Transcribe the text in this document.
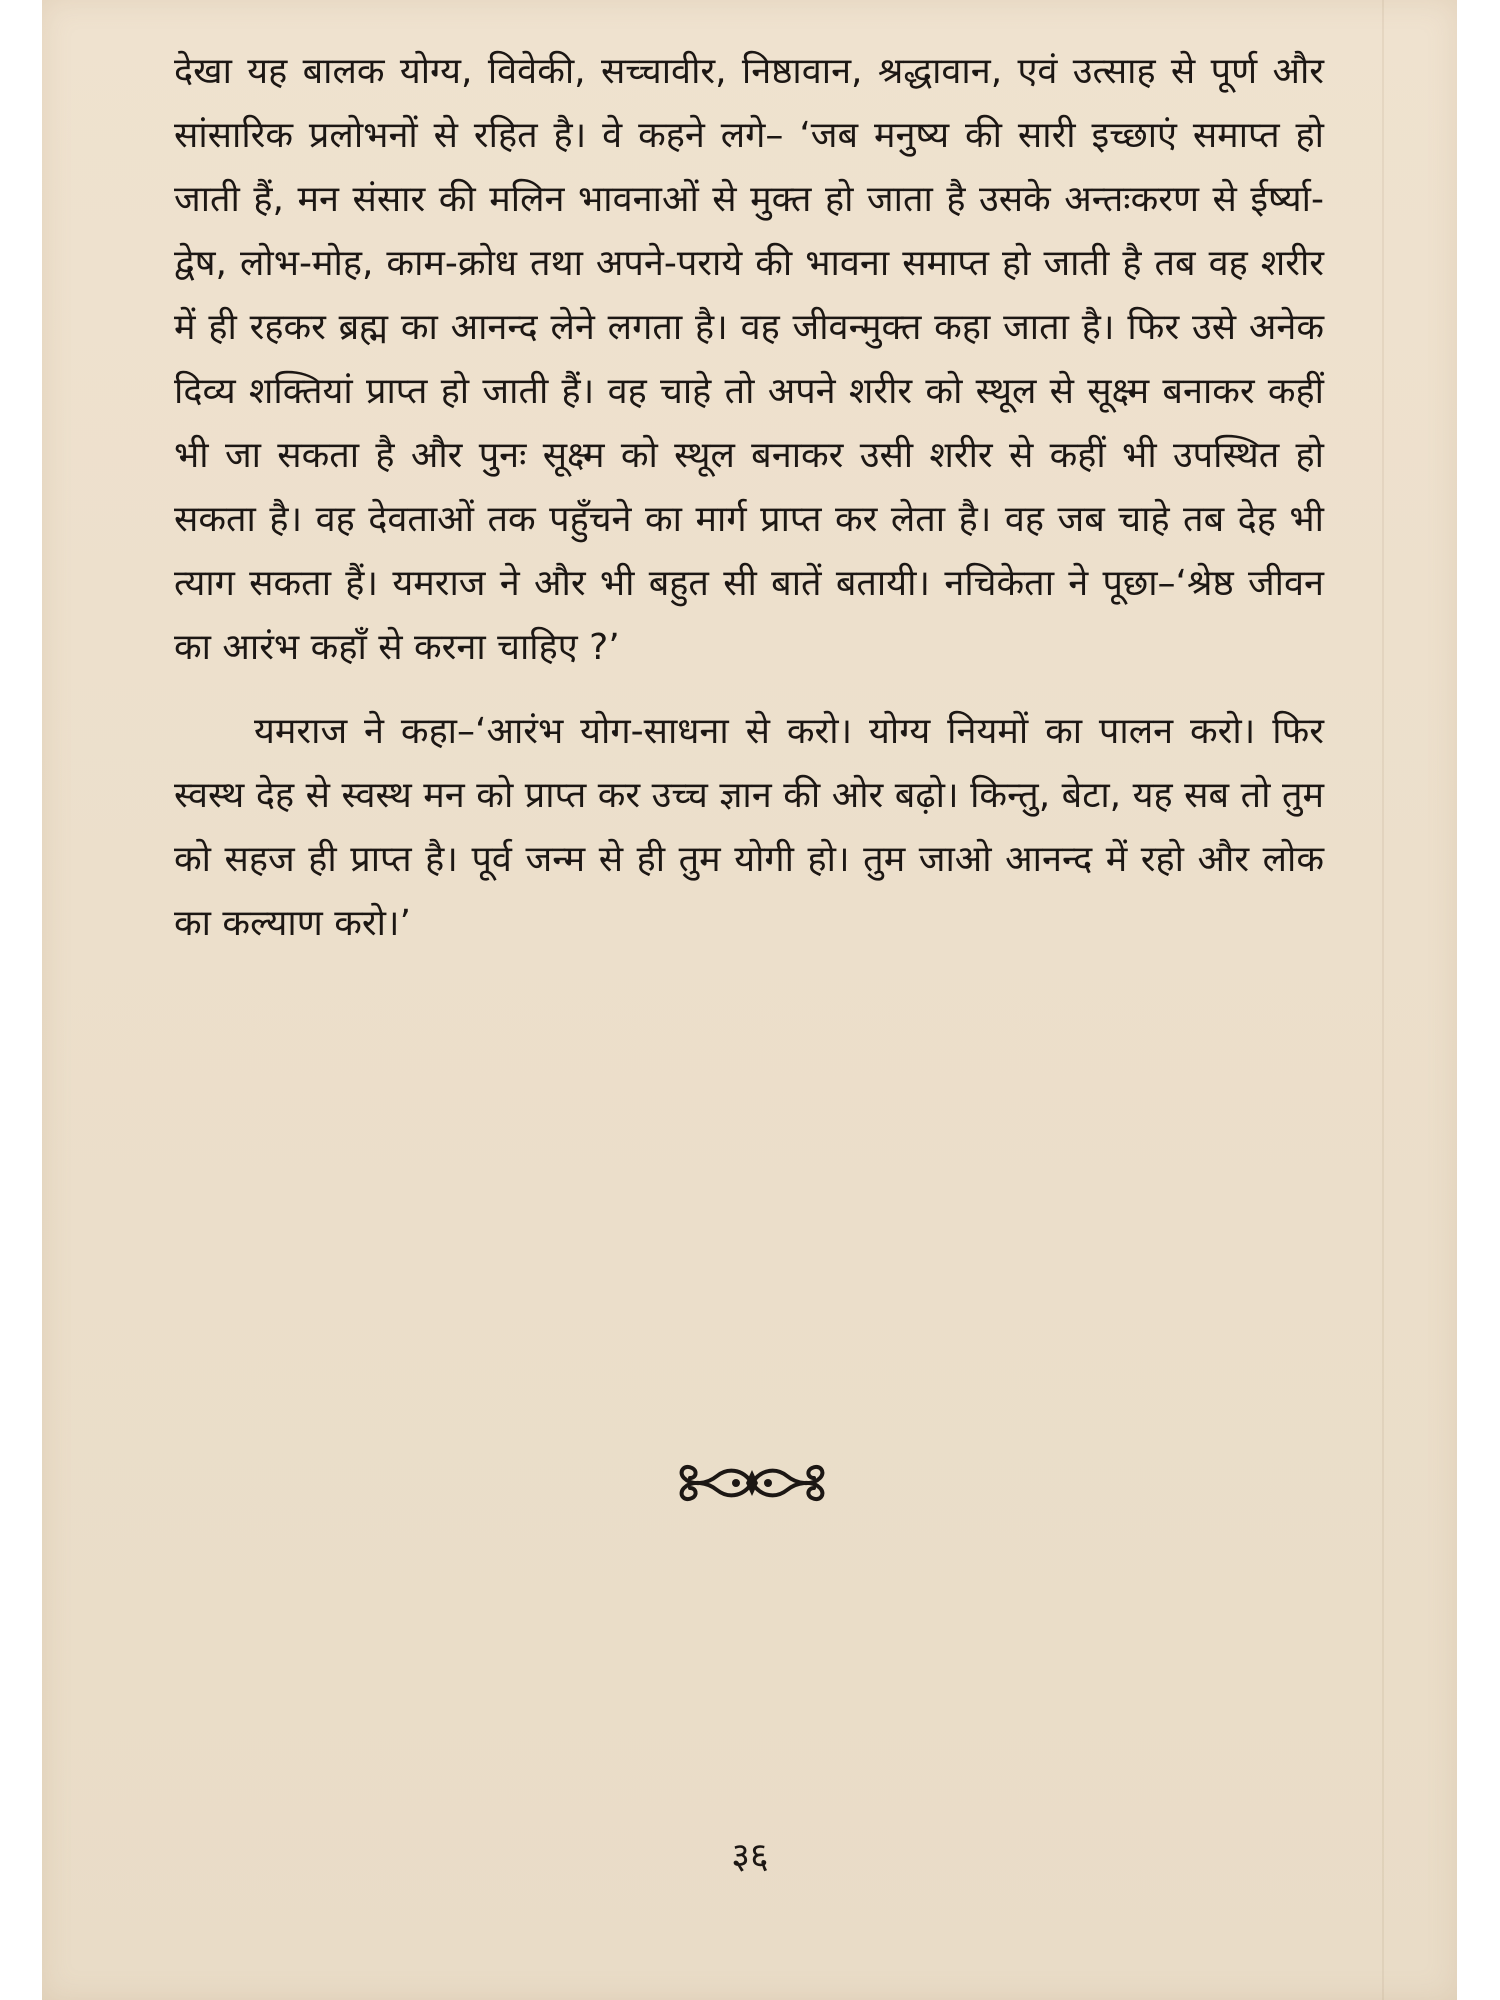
देखा यह बालक योग्य, विवेकी, सच्चावीर, निष्ठावान, श्रद्धावान, एवं उत्साह से पूर्ण और सांसारिक प्रलोभनों से रहित है। वे कहने लगे– ‘जब मनुष्य की सारी इच्छाएं समाप्त हो जाती हैं, मन संसार की मलिन भावनाओं से मुक्त हो जाता है उसके अन्तःकरण से ईर्ष्या-द्वेष, लोभ-मोह, काम-क्रोध तथा अपने-पराये की भावना समाप्त हो जाती है तब वह शरीर में ही रहकर ब्रह्म का आनन्द लेने लगता है। वह जीवन्मुक्त कहा जाता है। फिर उसे अनेक दिव्य शक्तियां प्राप्त हो जाती हैं। वह चाहे तो अपने शरीर को स्थूल से सूक्ष्म बनाकर कहीं भी जा सकता है और पुनः सूक्ष्म को स्थूल बनाकर उसी शरीर से कहीं भी उपस्थित हो सकता है। वह देवताओं तक पहुँचने का मार्ग प्राप्त कर लेता है। वह जब चाहे तब देह भी त्याग सकता हैं। यमराज ने और भी बहुत सी बातें बतायी। नचिकेता ने पूछा–‘श्रेष्ठ जीवन का आरंभ कहाँ से करना चाहिए ?’

यमराज ने कहा–‘आरंभ योग-साधना से करो। योग्य नियमों का पालन करो। फिर स्वस्थ देह से स्वस्थ मन को प्राप्त कर उच्च ज्ञान की ओर बढ़ो। किन्तु, बेटा, यह सब तो तुम को सहज ही प्राप्त है। पूर्व जन्म से ही तुम योगी हो। तुम जाओ आनन्द में रहो और लोक का कल्याण करो।’

३६
